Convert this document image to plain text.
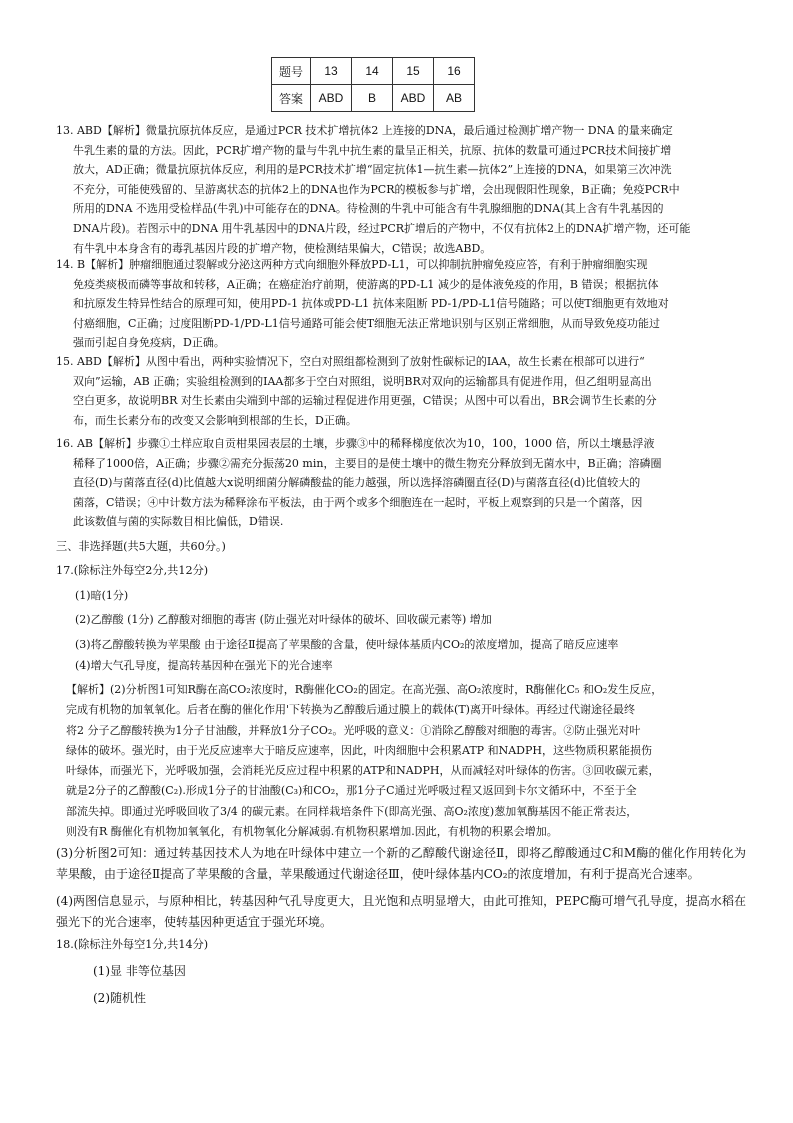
题号	13	14	15	16
答案	ABD	B	ABD	AB

13. ABD【解析】微量抗原抗体反应，是通过PCR 技术扩增抗体2 上连接的DNA，最后通过检测扩增产物一 DNA 的量来确定

牛乳生素的量的方法。因此，PCR扩增产物的量与牛乳中抗生素的量呈正相关，抗原、抗体的数量可通过PCR技术间接扩增

放大，AD正确；微量抗原抗体反应，利用的是PCR技术扩增“固定抗体1—抗生素—抗体2”上连接的DNA，如果第三次冲洗

不充分，可能使残留的、呈游离状态的抗体2上的DNA也作为PCR的模板参与扩增，会出现假阳性现象，B正确；免疫PCR中

所用的DNA 不选用受检样品(牛乳)中可能存在的DNA。待检测的牛乳中可能含有牛乳腺细胞的DNA(其上含有牛乳基因的

DNA片段)。若图示中的DNA 用牛乳基因中的DNA片段，经过PCR扩增后的产物中，不仅有抗体2上的DNA扩增产物，还可能

有牛乳中本身含有的毒乳基因片段的扩增产物，使检测结果偏大，C错误；故选ABD。

14. B【解析】肿瘤细胞通过裂解或分泌这两种方式向细胞外释放PD-L1，可以抑制抗肿瘤免疫应答，有利于肿瘤细胞实现

免疫类痰极而磷等事故和转移，A正确；在癌症治疗前期，使游离的PD-L1 减少的是体液免疫的作用，B 错误；根据抗体

和抗原发生特异性结合的原理可知，使用PD-1 抗体或PD-L1 抗体来阻断 PD-1/PD-L1信号随路；可以使T细胞更有效地对

付癌细胞，C正确；过度阻断PD-1/PD-L1信号通路可能会使T细胞无法正常地识别与区别正常细胞，从而导致免疫功能过

强而引起自身免疫病，D正确。

15. ABD【解析】从图中看出，两种实验情况下，空白对照组都检测到了放射性碳标记的IAA，故生长素在根部可以进行“

双向”运输，AB 正确；实验组检测到的IAA都多于空白对照组，说明BR对双向的运输都具有促进作用，但乙组明显高出

空白更多，故说明BR 对生长素由尖端到中部的运输过程促进作用更强，C错误；从图中可以看出，BR会调节生长素的分

布，而生长素分布的改变又会影响到根部的生长，D正确。

16. AB【解析】步骤①土样应取自贡柑果园表层的土壤，步骤③中的稀释梯度依次为10，100，1000 倍，所以土壤悬浮液

稀释了1000倍，A正确；步骤②需充分振荡20 min，主要目的是使土壤中的微生物充分释放到无菌水中，B正确；溶磷圈

直径(D)与菌落直径(d)比值越大x说明细菌分解磷酸盐的能力越强，所以选择溶磷圈直径(D)与菌落直径(d)比值较大的

菌落，C错误；④中计数方法为稀释涂布平板法，由于两个或多个细胞连在一起时，平板上观察到的只是一个菌落，因

此该数值与菌的实际数目相比偏低，D错误.

三、非选择题(共5大题，共60分。)
17.(除标注外每空2分,共12分)
(1)暗(1分)
(2)乙醇酸 (1分) 乙醇酸对细胞的毒害 (防止强光对叶绿体的破坏、回收碳元素等) 增加
(3)将乙醇酸转换为苹果酸 由于途径Ⅱ提高了苹果酸的含量，使叶绿体基质内CO₂的浓度增加，提高了暗反应速率
(4)增大气孔导度，提高转基因种在强光下的光合速率

【解析】(2)分析图1可知R酶在高CO₂浓度时，R酶催化CO₂的固定。在高光强、高O₂浓度时，R酶催化C₅ 和O₂发生反应，

完成有机物的加氧氧化。后者在酶的催化作用'下转换为乙醇酸后通过膜上的载体(T)离开叶绿体。再经过代谢途径最终

将2 分子乙醇酸转换为1分子甘油酸，并释放1分子CO₂。光呼吸的意义：①消除乙醇酸对细胞的毒害。②防止强光对叶

绿体的破坏。强光时，由于光反应速率大于暗反应速率，因此，叶肉细胞中会积累ATP 和NADPH，这些物质积累能损伤

叶绿体，而强光下，光呼吸加强，会消耗光反应过程中积累的ATP和NADPH，从而减轻对叶绿体的伤害。③回收碳元素，

就是2分子的乙醇酸(C₂).形成1分子的甘油酸(C₃)和CO₂，那1分子C通过光呼吸过程又返回到卡尔文循环中，不至于全

部流失掉。即通过光呼吸回收了3/4 的碳元素。在同样栽培条件下(即高光强、高O₂浓度)葱加氧酶基因不能正常表达，

则没有R 酶催化有机物加氧氧化，有机物氧化分解减弱.有机物积累增加.因此，有机物的积累会增加。

(3)分析图2可知：通过转基因技术人为地在叶绿体中建立一个新的乙醇酸代谢途径Ⅱ，即将乙醇酸通过C和M酶的催化作用转化为苹果酸，由于途径Ⅱ提高了苹果酸的含量，苹果酸通过代谢途径Ⅲ，使叶绿体基内CO₂的浓度增加，有利于提高光合速率。

(4)两图信息显示，与原种相比，转基因种气孔导度更大，且光饱和点明显增大，由此可推知，PEPC酶可增气孔导度，提高水稻在强光下的光合速率，使转基因种更适宜于强光环境。

18.(除标注外每空1分,共14分)
(1)显 非等位基因
(2)随机性
